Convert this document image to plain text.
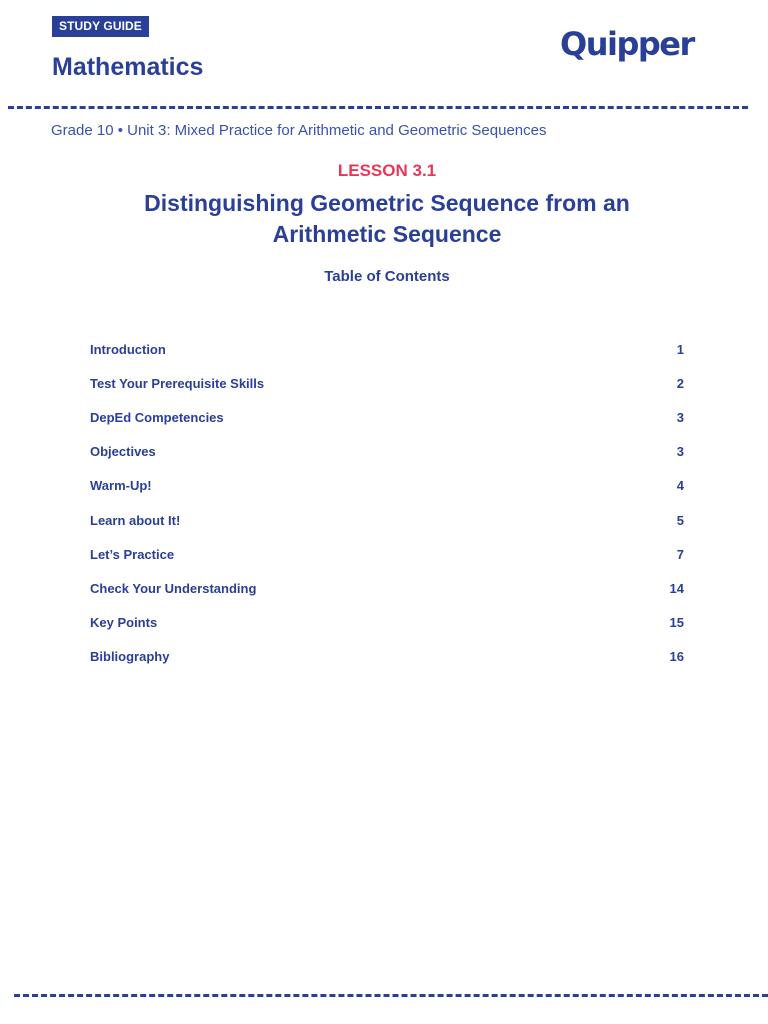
STUDY GUIDE
Mathematics
Quipper
Grade 10 • Unit 3: Mixed Practice for Arithmetic and Geometric Sequences
LESSON 3.1
Distinguishing Geometric Sequence from an
Arithmetic Sequence
Table of Contents
Introduction	1
Test Your Prerequisite Skills	2
DepEd Competencies	3
Objectives	3
Warm-Up!	4
Learn about It!	5
Let’s Practice	7
Check Your Understanding	14
Key Points	15
Bibliography	16
